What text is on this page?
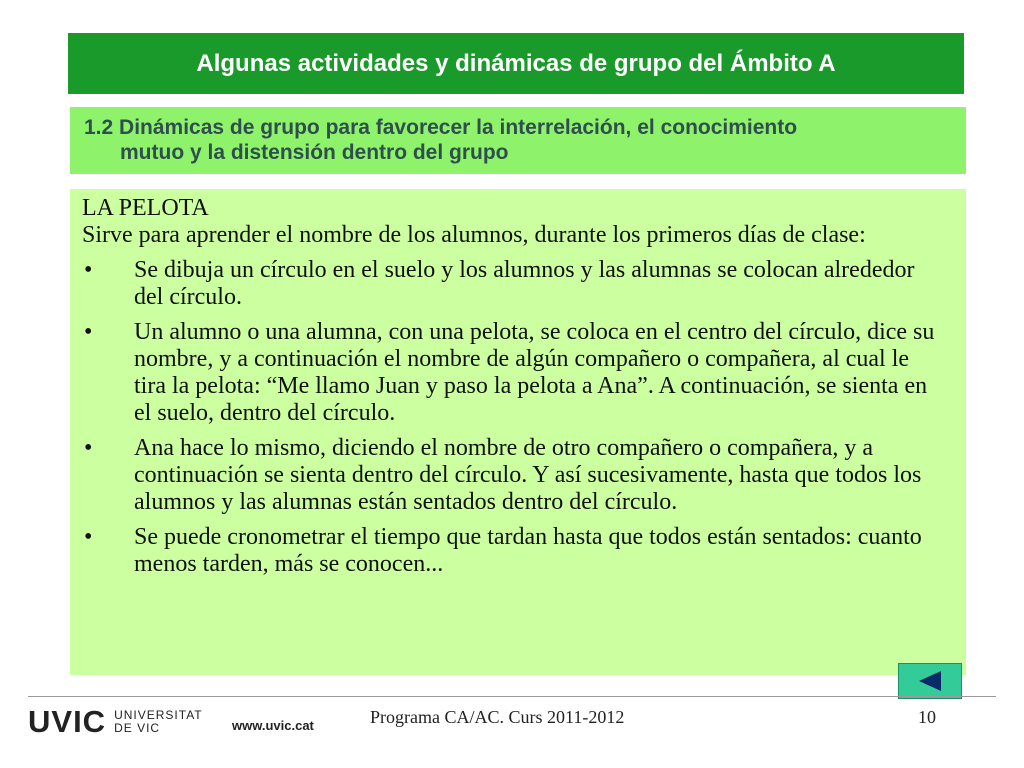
Algunas actividades y dinámicas de grupo del Ámbito A
1.2 Dinámicas de grupo para favorecer la interrelación, el conocimiento
mutuo y la distensión dentro del grupo

LA PELOTA

Sirve para aprender el nombre de los alumnos, durante los primeros días de clase:

•	Se dibuja un círculo en el suelo y los alumnos y las alumnas se colocan alrededor del círculo.
•	Un alumno o una alumna, con una pelota, se coloca en el centro del círculo, dice su nombre, y a continuación el nombre de algún compañero o compañera, al cual le tira la pelota: “Me llamo Juan y paso la pelota a Ana”. A continuación, se sienta en el suelo, dentro del círculo.
•	Ana hace lo mismo, diciendo el nombre de otro compañero o compañera, y a continuación se sienta dentro del círculo. Y así sucesivamente, hasta que todos los alumnos y las alumnas están sentados dentro del círculo.
•	Se puede cronometrar el tiempo que tardan hasta que todos están sentados: cuanto menos tarden, más se conocen...
UVIC UNIVERSITAT
DE VIC	www.uvic.cat	Programa CA/AC. Curs 2011-2012	10
